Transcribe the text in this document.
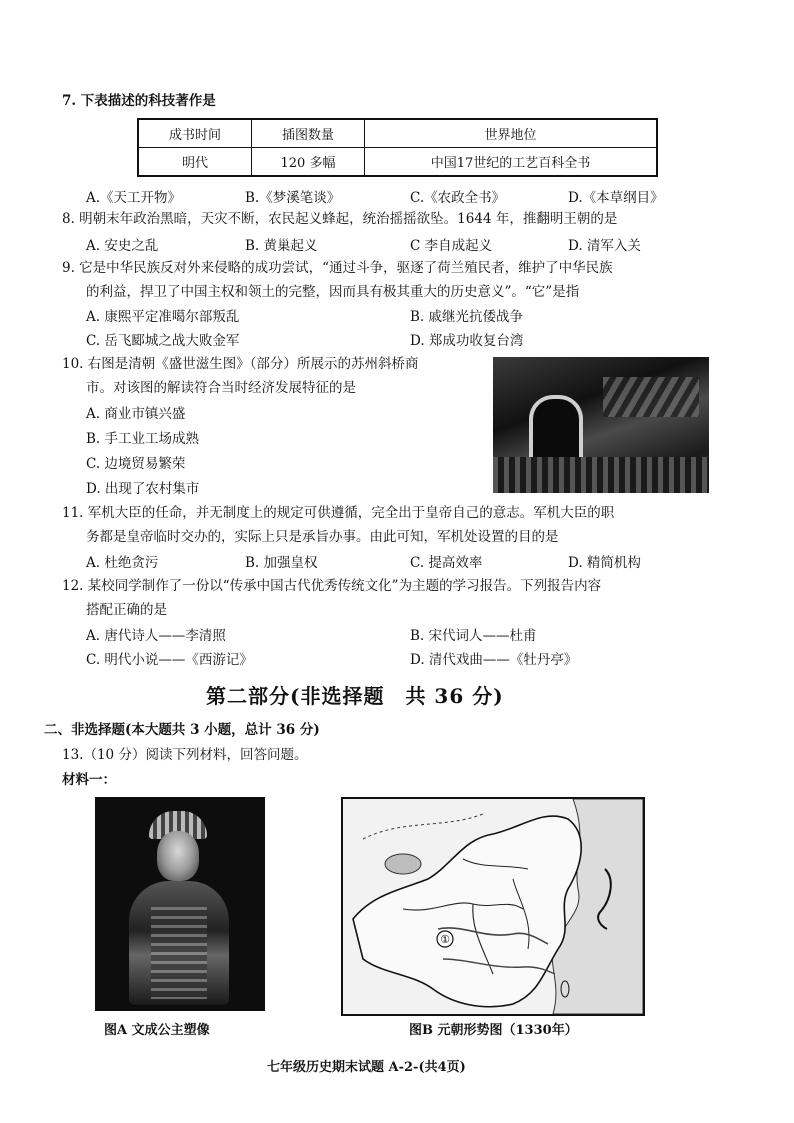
7. 下表描述的科技著作是
成书时间	插图数量	世界地位
明代	120 多幅	中国17世纪的工艺百科全书
A.《天工开物》	B.《梦溪笔谈》	C.《农政全书》	D.《本草纲目》
8. 明朝末年政治黑暗，天灾不断，农民起义蜂起，统治摇摇欲坠。1644 年，推翻明王朝的是
A. 安史之乱	B. 黄巢起义	C 李自成起义	D. 清军入关
9. 它是中华民族反对外来侵略的成功尝试，“通过斗争，驱逐了荷兰殖民者，维护了中华民族
的利益，捍卫了中国主权和领土的完整，因而具有极其重大的历史意义”。“它”是指
A. 康熙平定准噶尔部叛乱	B. 戚继光抗倭战争
C. 岳飞郾城之战大败金军	D. 郑成功收复台湾
10. 右图是清朝《盛世滋生图》（部分）所展示的苏州斜桥商
市。对该图的解读符合当时经济发展特征的是
A. 商业市镇兴盛
B. 手工业工场成熟
C. 边境贸易繁荣
D. 出现了农村集市
11. 军机大臣的任命，并无制度上的规定可供遵循，完全出于皇帝自己的意志。军机大臣的职
务都是皇帝临时交办的，实际上只是承旨办事。由此可知，军机处设置的目的是
A. 杜绝贪污	B. 加强皇权	C. 提高效率	D. 精简机构
12. 某校同学制作了一份以“传承中国古代优秀传统文化”为主题的学习报告。下列报告内容
搭配正确的是
A. 唐代诗人——李清照	B. 宋代词人——杜甫
C. 明代小说——《西游记》	D. 清代戏曲——《牡丹亭》
第二部分(非选择题　共 36 分)
二、非选择题(本大题共 3 小题，总计 36 分)
13.（10 分）阅读下列材料，回答问题。
材料一：
①
图A 文成公主塑像	图B 元朝形势图（1330年）
七年级历史期末试题 A-2-(共4页)
